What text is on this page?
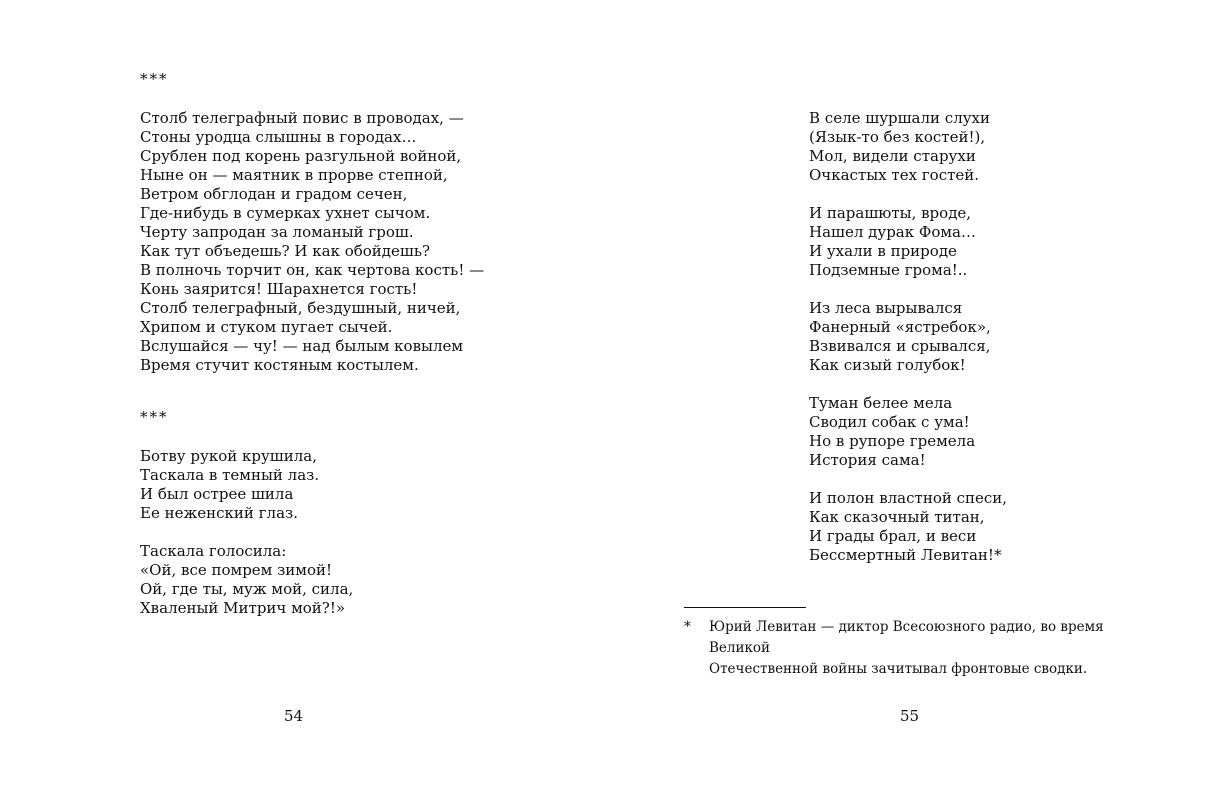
***
Столб телеграфный повис в проводах, —
Стоны уродца слышны в городах…
Срублен под корень разгульной войной,
Ныне он — маятник в прорве степной,
Ветром обглодан и градом сечен,
Где-нибудь в сумерках ухнет сычом.
Черту запродан за ломаный грош.
Как тут объедешь? И как обойдешь?
В полночь торчит он, как чертова кость! —
Конь заярится! Шарахнется гость!
Столб телеграфный, бездушный, ничей,
Хрипом и стуком пугает сычей.
Вслушайся — чу! — над былым ковылем
Время стучит костяным костылем.
***
Ботву рукой крушила,
Таскала в темный лаз.
И был острее шила
Ее неженский глаз.
Таскала голосила:
«Ой, все помрем зимой!
Ой, где ты, муж мой, сила,
Хваленый Митрич мой?!»
54
В селе шуршали слухи
(Язык-то без костей!),
Мол, видели старухи
Очкастых тех гостей.
И парашюты, вроде,
Нашел дурак Фома…
И ухали в природе
Подземные грома!..
Из леса вырывался
Фанерный «ястребок»,
Взвивался и срывался,
Как сизый голубок!
Туман белее мела
Сводил собак с ума!
Но в рупоре гремела
История сама!
И полон властной спеси,
Как сказочный титан,
И грады брал, и веси
Бессмертный Левитан!*
55
*	Юрий Левитан — диктор Всесоюзного радио, во время Великой
Отечественной войны зачитывал фронтовые сводки.
